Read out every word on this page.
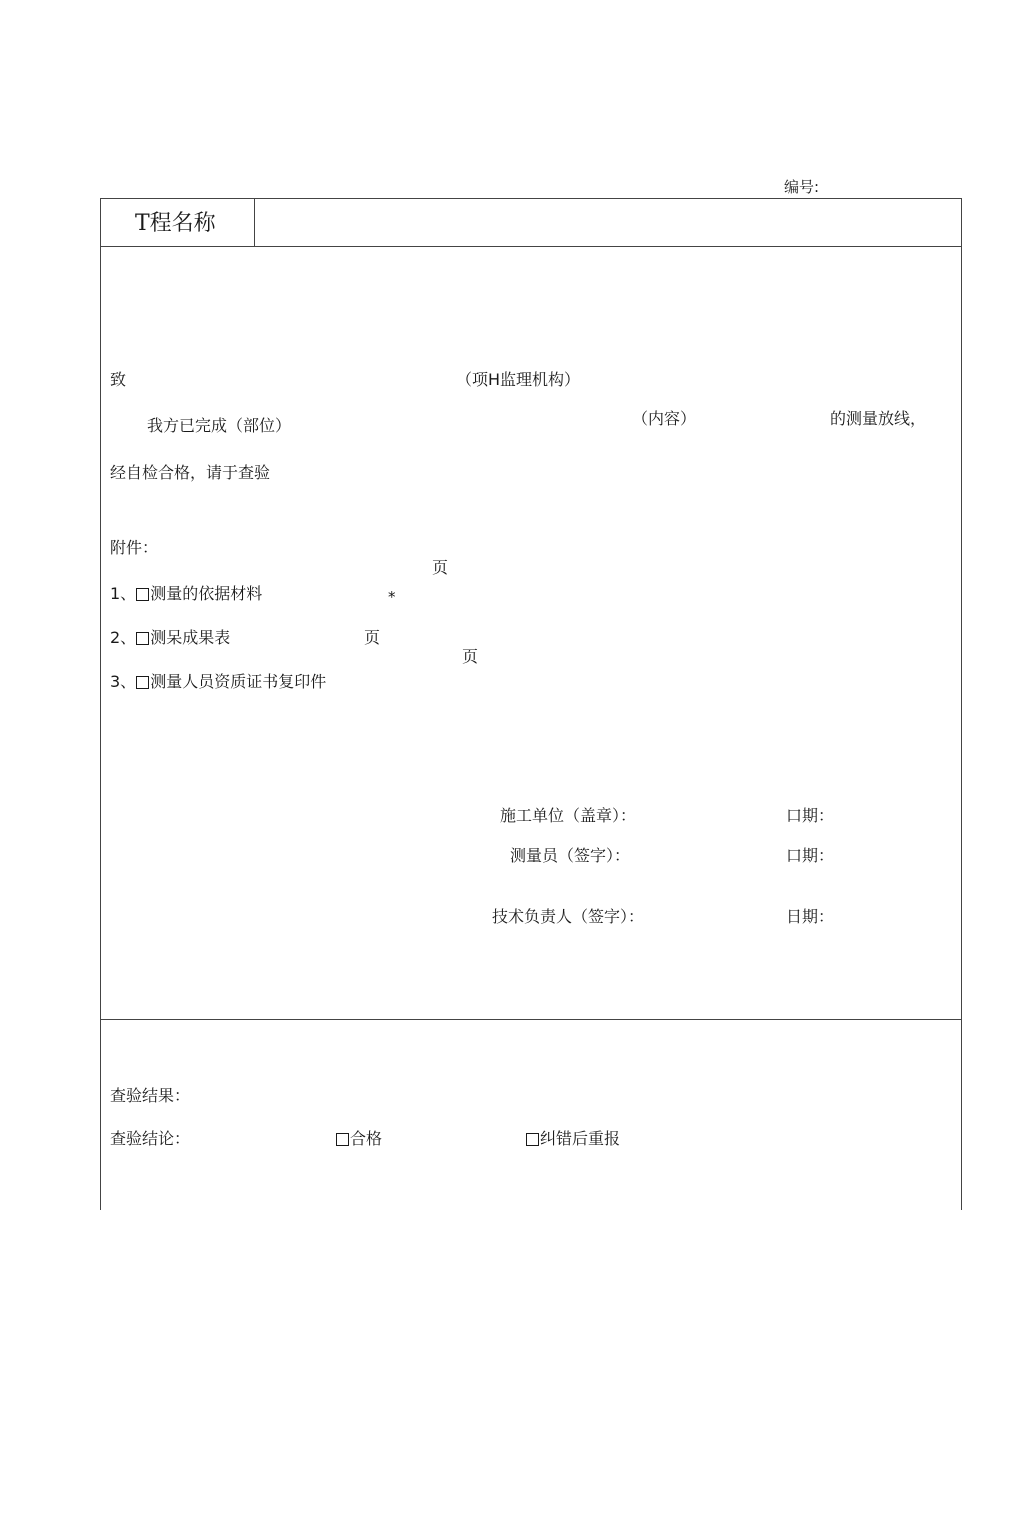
编号:
T程名称
致	（项H监理机构）
我方已完成（部位）	（内容）	的测量放线，
经自检合格，请于查验
附件：
页
1、 测量的依据材料	*
2、 测呆成果表	页
页
3、 测量人员资质证书复印件
施工单位（盖章）：	口期：
测量员（签字）：	口期：
技术负责人（签字）：	日期：
查验结果：
查验结论：	合格	纠错后重报
